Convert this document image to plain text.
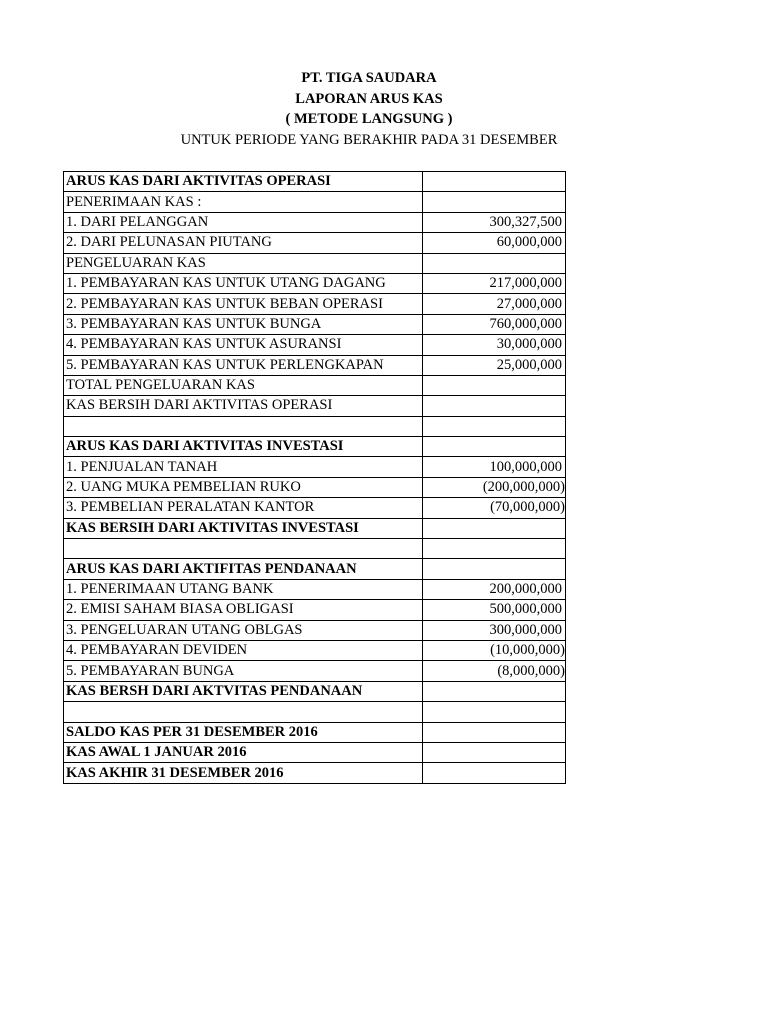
PT. TIGA SAUDARA
LAPORAN ARUS KAS
( METODE LANGSUNG )
UNTUK PERIODE YANG BERAKHIR PADA 31 DESEMBER
ARUS KAS DARI AKTIVITAS OPERASI	
PENERIMAAN KAS :	
1. DARI PELANGGAN	300,327,500
2. DARI PELUNASAN PIUTANG	60,000,000
PENGELUARAN KAS	
1. PEMBAYARAN KAS UNTUK UTANG DAGANG	217,000,000
2. PEMBAYARAN KAS UNTUK BEBAN OPERASI	27,000,000
3. PEMBAYARAN KAS UNTUK BUNGA	760,000,000
4. PEMBAYARAN KAS UNTUK ASURANSI	30,000,000
5. PEMBAYARAN KAS UNTUK PERLENGKAPAN	25,000,000
TOTAL PENGELUARAN KAS	
KAS BERSIH DARI AKTIVITAS OPERASI	

ARUS KAS DARI AKTIVITAS INVESTASI	
1. PENJUALAN TANAH	100,000,000
2. UANG MUKA PEMBELIAN RUKO	(200,000,000)
3. PEMBELIAN PERALATAN KANTOR	(70,000,000)
KAS BERSIH DARI AKTIVITAS INVESTASI	

ARUS KAS DARI AKTIFITAS PENDANAAN	
1. PENERIMAAN UTANG BANK	200,000,000
2. EMISI SAHAM BIASA OBLIGASI	500,000,000
3. PENGELUARAN UTANG OBLGAS	300,000,000
4. PEMBAYARAN DEVIDEN	(10,000,000)
5. PEMBAYARAN BUNGA	(8,000,000)
KAS BERSH DARI AKTVITAS PENDANAAN	

SALDO KAS PER 31 DESEMBER 2016	
KAS AWAL 1 JANUAR 2016	
KAS AKHIR 31 DESEMBER 2016	
